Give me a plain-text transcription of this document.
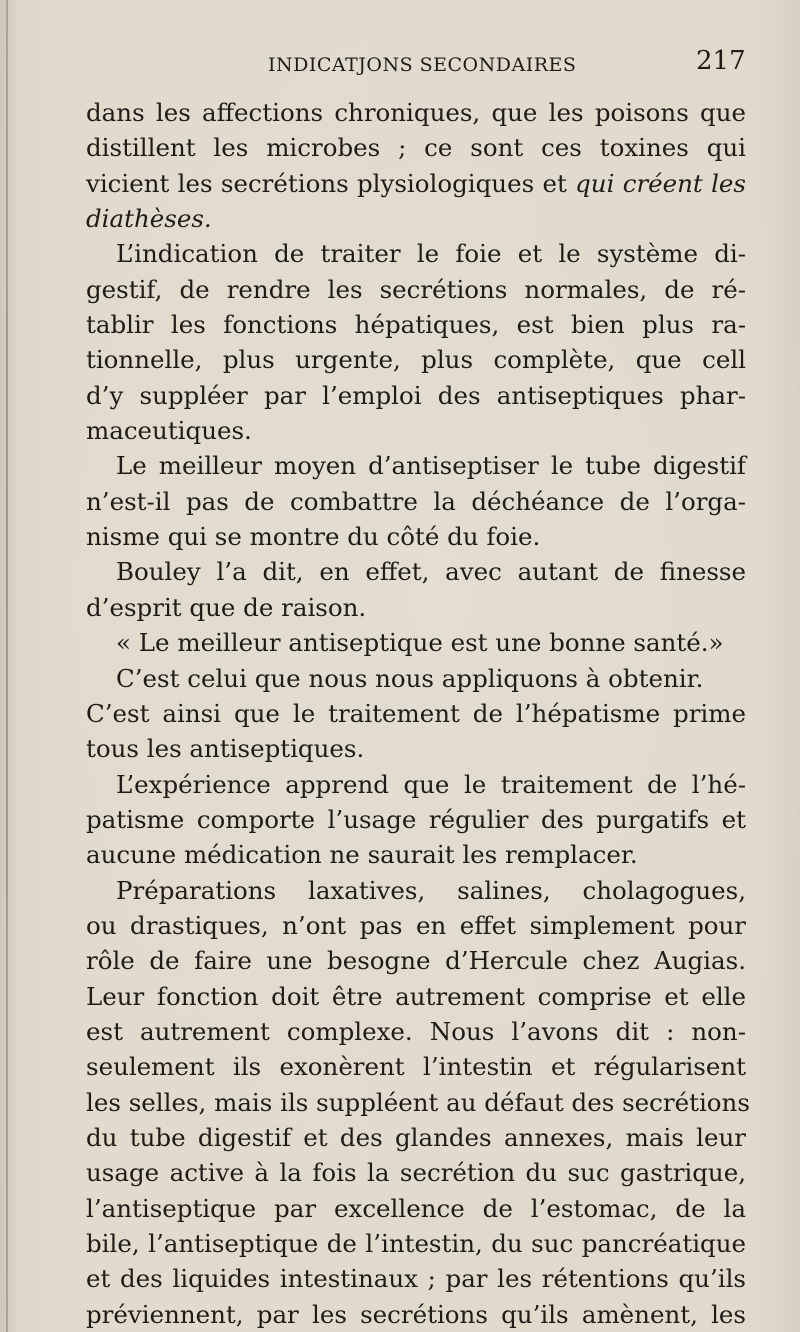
INDICATJONS SECONDAIRES	217
dans les affections chroniques, que les poisons que
distillent les microbes ; ce sont ces toxines qui
vicient les secrétions plysiologiques et qui créent les
diathèses.
L’indication de traiter le foie et le système di-
gestif, de rendre les secrétions normales, de ré-
tablir les fonctions hépatiques, est bien plus ra-
tionnelle, plus urgente, plus complète, que cell
d’y suppléer par l’emploi des antiseptiques phar-
maceutiques.
Le meilleur moyen d’antiseptiser le tube digestif
n’est-il pas de combattre la déchéance de l’orga-
nisme qui se montre du côté du foie.
Bouley l’a dit, en effet, avec autant de finesse
d’esprit que de raison.
« Le meilleur antiseptique est une bonne santé.»
C’est celui que nous nous appliquons à obtenir.
C’est ainsi que le traitement de l’hépatisme prime
tous les antiseptiques.
L’expérience apprend que le traitement de l’hé-
patisme comporte l’usage régulier des purgatifs et
aucune médication ne saurait les remplacer.
Préparations laxatives, salines, cholagogues,
ou drastiques, n’ont pas en effet simplement pour
rôle de faire une besogne d’Hercule chez Augias.
Leur fonction doit être autrement comprise et elle
est autrement complexe. Nous l’avons dit : non-
seulement ils exonèrent l’intestin et régularisent
les selles, mais ils suppléent au défaut des secrétions
du tube digestif et des glandes annexes, mais leur
usage active à la fois la secrétion du suc gastrique,
l’antiseptique par excellence de l’estomac, de la
bile, l’antiseptique de l’intestin, du suc pancréatique
et des liquides intestinaux ; par les rétentions qu’ils
préviennent, par les secrétions qu’ils amènent, les
